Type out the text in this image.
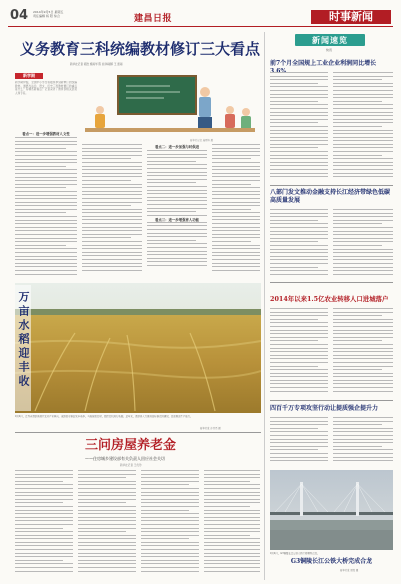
04 2014年9月5日 星期五
责任编辑 杨 阳 综合	建昌日报	时事新闻
义务教育三科统编教材修订三大看点
新华社记者 胡浩 施雨岑 陈 旭 韩雨婷 王 雷雨
新学期
新学期伊始，全国中小学生将陆续拿到新修订的统编教材。道德与法治、语文、历史三科教材修订的重点是什么？有哪些新看点？记者采访了教育部相关负责人和专家。
新华社记者 施雨岑 摄
看点一：进一步增强教材人文性
看点二：进一步加强与时俱进
看点三：进一步增强育人功能
万亩水稻迎丰收
9月4日，江苏省泗洪县现代农业产业园内，成熟的水稻迎来丰收季。当地抢抓农时，组织农机进行收割。近年来，泗洪县大力推进高标准农田建设，提高粮食生产能力。
新华社发 许昌亮 摄
三问房屋养老金
——住房城乡建设部有关负责人回应社会关切
新华社记者 王优玲
新闻速览
快讯
前7个月全国规上工业企业利润同比增长
八部门发文推动金融支持长江经济带绿色低碳高质量发展
2014年以来1.5亿农业转移人口进城落户
四百千万专项攻坚行动让提质强企提升力
9月4日，G3铜陵长江公铁大桥主桥顺利合龙。
G3铜陵长江公铁大桥完成合龙
新华社发 周牧 摄
